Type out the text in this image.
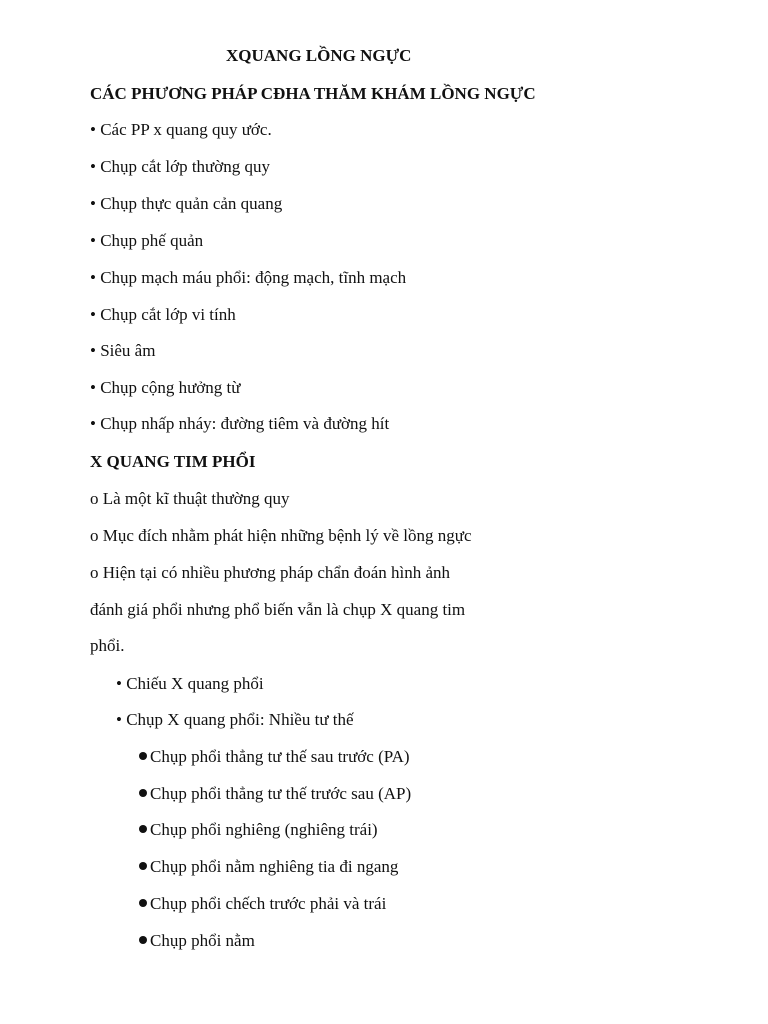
XQUANG LỒNG NGỰC
CÁC PHƯƠNG PHÁP CĐHA THĂM KHÁM LỒNG NGỰC
• Các PP x quang quy ước.
• Chụp cắt lớp thường quy
• Chụp thực quản cản quang
• Chụp phế quản
• Chụp mạch máu phổi: động mạch, tĩnh mạch
• Chụp cắt lớp vi tính
• Siêu âm
• Chụp cộng hưởng từ
• Chụp nhấp nháy: đường tiêm và đường hít
X QUANG TIM PHỔI
o Là một kĩ thuật thường quy
o Mục đích nhằm phát hiện những bệnh lý về lồng ngực
o Hiện tại có nhiều phương pháp chẩn đoán hình ảnh
đánh giá phổi nhưng phổ biến vẫn là chụp X quang tim
phổi.
• Chiếu X quang phổi
• Chụp X quang phổi: Nhiều tư thế
Chụp phổi thẳng tư thế sau trước (PA)
Chụp phổi thẳng tư thế trước sau (AP)
Chụp phổi nghiêng (nghiêng trái)
Chụp phổi nằm nghiêng tia đi ngang
Chụp phổi chếch trước phải và trái
Chụp phổi nằm
